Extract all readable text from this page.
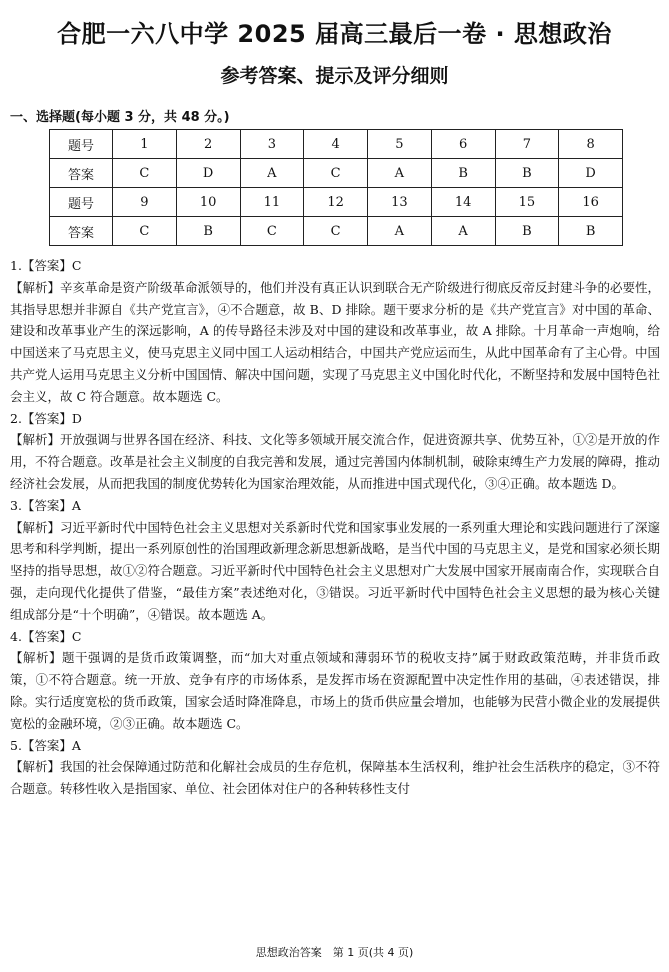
合肥一六八中学 2025 届高三最后一卷 · 思想政治
参考答案、提示及评分细则
一、选择题(每小题 3 分，共 48 分。)
题号	1	2	3	4	5	6	7	8
答案	C	D	A	C	A	B	B	D
题号	9	10	11	12	13	14	15	16
答案	C	B	C	C	A	A	B	B

1.【答案】C

【解析】辛亥革命是资产阶级革命派领导的，他们并没有真正认识到联合无产阶级进行彻底反帝反封建斗争的必要性，其指导思想并非源自《共产党宣言》，④不合题意，故 B、D 排除。题干要求分析的是《共产党宣言》对中国的革命、建设和改革事业产生的深远影响，A 的传导路径未涉及对中国的建设和改革事业，故 A 排除。十月革命一声炮响，给中国送来了马克思主义，使马克思主义同中国工人运动相结合，中国共产党应运而生，从此中国革命有了主心骨。中国共产党人运用马克思主义分析中国国情、解决中国问题，实现了马克思主义中国化时代化，不断坚持和发展中国特色社会主义，故 C 符合题意。故本题选 C。

2.【答案】D

【解析】开放强调与世界各国在经济、科技、文化等多领域开展交流合作，促进资源共享、优势互补，①②是开放的作用，不符合题意。改革是社会主义制度的自我完善和发展，通过完善国内体制机制，破除束缚生产力发展的障碍，推动经济社会发展，从而把我国的制度优势转化为国家治理效能，从而推进中国式现代化，③④正确。故本题选 D。

3.【答案】A

【解析】习近平新时代中国特色社会主义思想对关系新时代党和国家事业发展的一系列重大理论和实践问题进行了深邃思考和科学判断，提出一系列原创性的治国理政新理念新思想新战略，是当代中国的马克思主义，是党和国家必须长期坚持的指导思想，故①②符合题意。习近平新时代中国特色社会主义思想对广大发展中国家开展南南合作，实现联合自强，走向现代化提供了借鉴，“最佳方案”表述绝对化，③错误。习近平新时代中国特色社会主义思想的最为核心关键组成部分是“十个明确”，④错误。故本题选 A。

4.【答案】C

【解析】题干强调的是货币政策调整，而“加大对重点领域和薄弱环节的税收支持”属于财政政策范畴，并非货币政策，①不符合题意。统一开放、竞争有序的市场体系，是发挥市场在资源配置中决定性作用的基础，④表述错误，排除。实行适度宽松的货币政策，国家会适时降准降息，市场上的货币供应量会增加，也能够为民营小微企业的发展提供宽松的金融环境，②③正确。故本题选 C。

5.【答案】A

【解析】我国的社会保障通过防范和化解社会成员的生存危机，保障基本生活权利，维护社会生活秩序的稳定，③不符合题意。转移性收入是指国家、单位、社会团体对住户的各种转移性支付

思想政治答案　第 1 页(共 4 页)
